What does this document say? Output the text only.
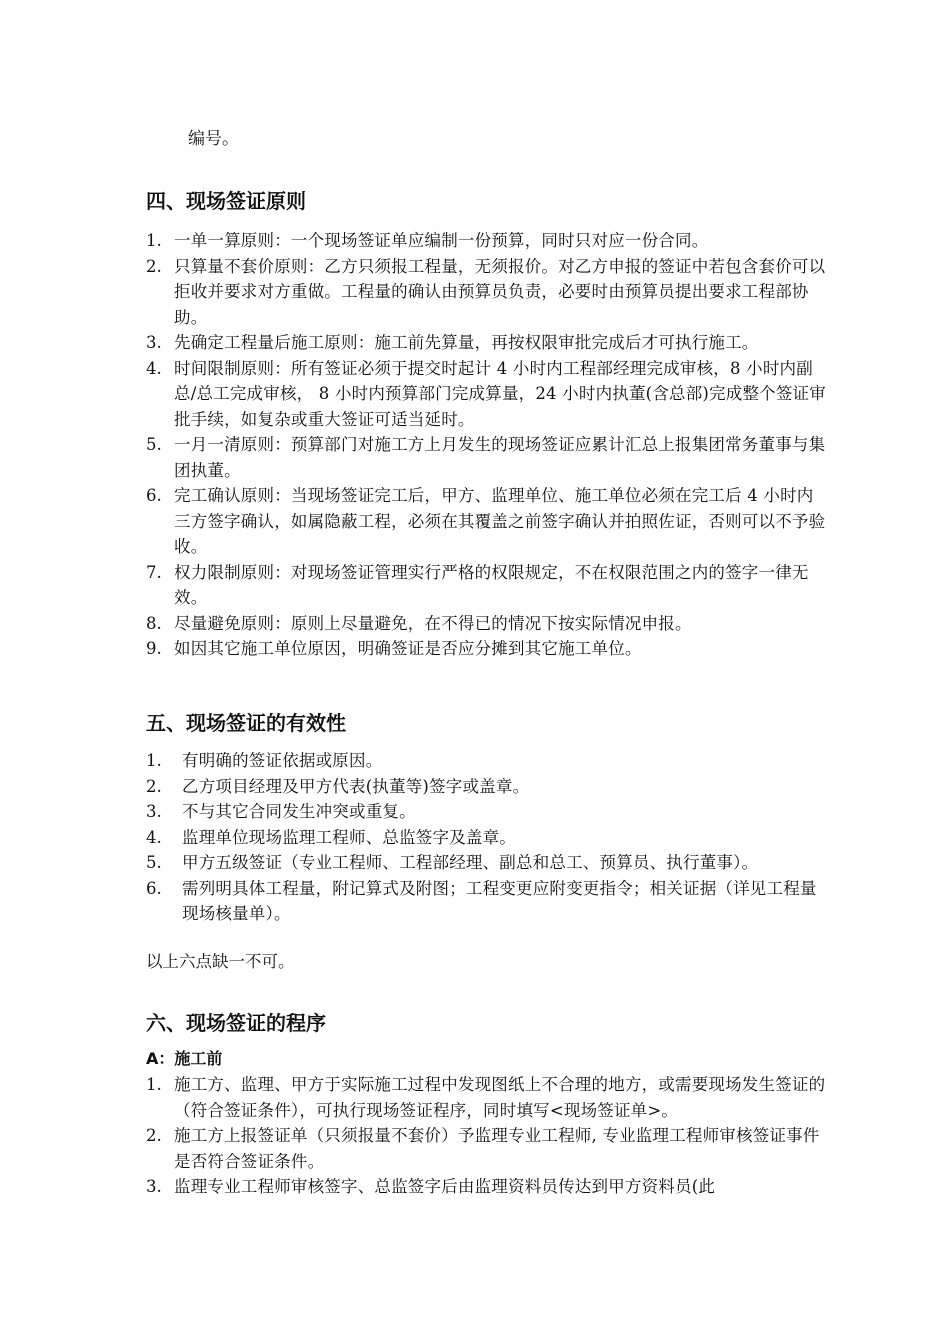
编号。
四、现场签证原则
1. 一单一算原则：一个现场签证单应编制一份预算，同时只对应一份合同。
2. 只算量不套价原则：乙方只须报工程量，无须报价。对乙方申报的签证中若包含套价可以拒收并要求对方重做。工程量的确认由预算员负责，必要时由预算员提出要求工程部协助。
3. 先确定工程量后施工原则：施工前先算量，再按权限审批完成后才可执行施工。
4. 时间限制原则：所有签证必须于提交时起计 4 小时内工程部经理完成审核，8 小时内副总/总工完成审核， 8 小时内预算部门完成算量，24 小时内执董(含总部)完成整个签证审批手续，如复杂或重大签证可适当延时。
5. 一月一清原则：预算部门对施工方上月发生的现场签证应累计汇总上报集团常务董事与集团执董。
6. 完工确认原则：当现场签证完工后，甲方、监理单位、施工单位必须在完工后 4 小时内三方签字确认，如属隐蔽工程，必须在其覆盖之前签字确认并拍照佐证，否则可以不予验收。
7. 权力限制原则：对现场签证管理实行严格的权限规定，不在权限范围之内的签字一律无效。
8. 尽量避免原则：原则上尽量避免，在不得已的情况下按实际情况申报。
9. 如因其它施工单位原因，明确签证是否应分摊到其它施工单位。
五、现场签证的有效性
1.	有明确的签证依据或原因。
2.	乙方项目经理及甲方代表(执董等)签字或盖章。
3.	不与其它合同发生冲突或重复。
4.	监理单位现场监理工程师、总监签字及盖章。
5.	甲方五级签证（专业工程师、工程部经理、副总和总工、预算员、执行董事）。
6.	需列明具体工程量，附记算式及附图；工程变更应附变更指令；相关证据（详见工程量现场核量单）。
以上六点缺一不可。
六、现场签证的程序
A：施工前
1. 施工方、监理、甲方于实际施工过程中发现图纸上不合理的地方，或需要现场发生签证的（符合签证条件），可执行现场签证程序，同时填写<现场签证单>。
2. 施工方上报签证单（只须报量不套价）予监理专业工程师, 专业监理工程师审核签证事件是否符合签证条件。
3. 监理专业工程师审核签字、总监签字后由监理资料员传达到甲方资料员(此
